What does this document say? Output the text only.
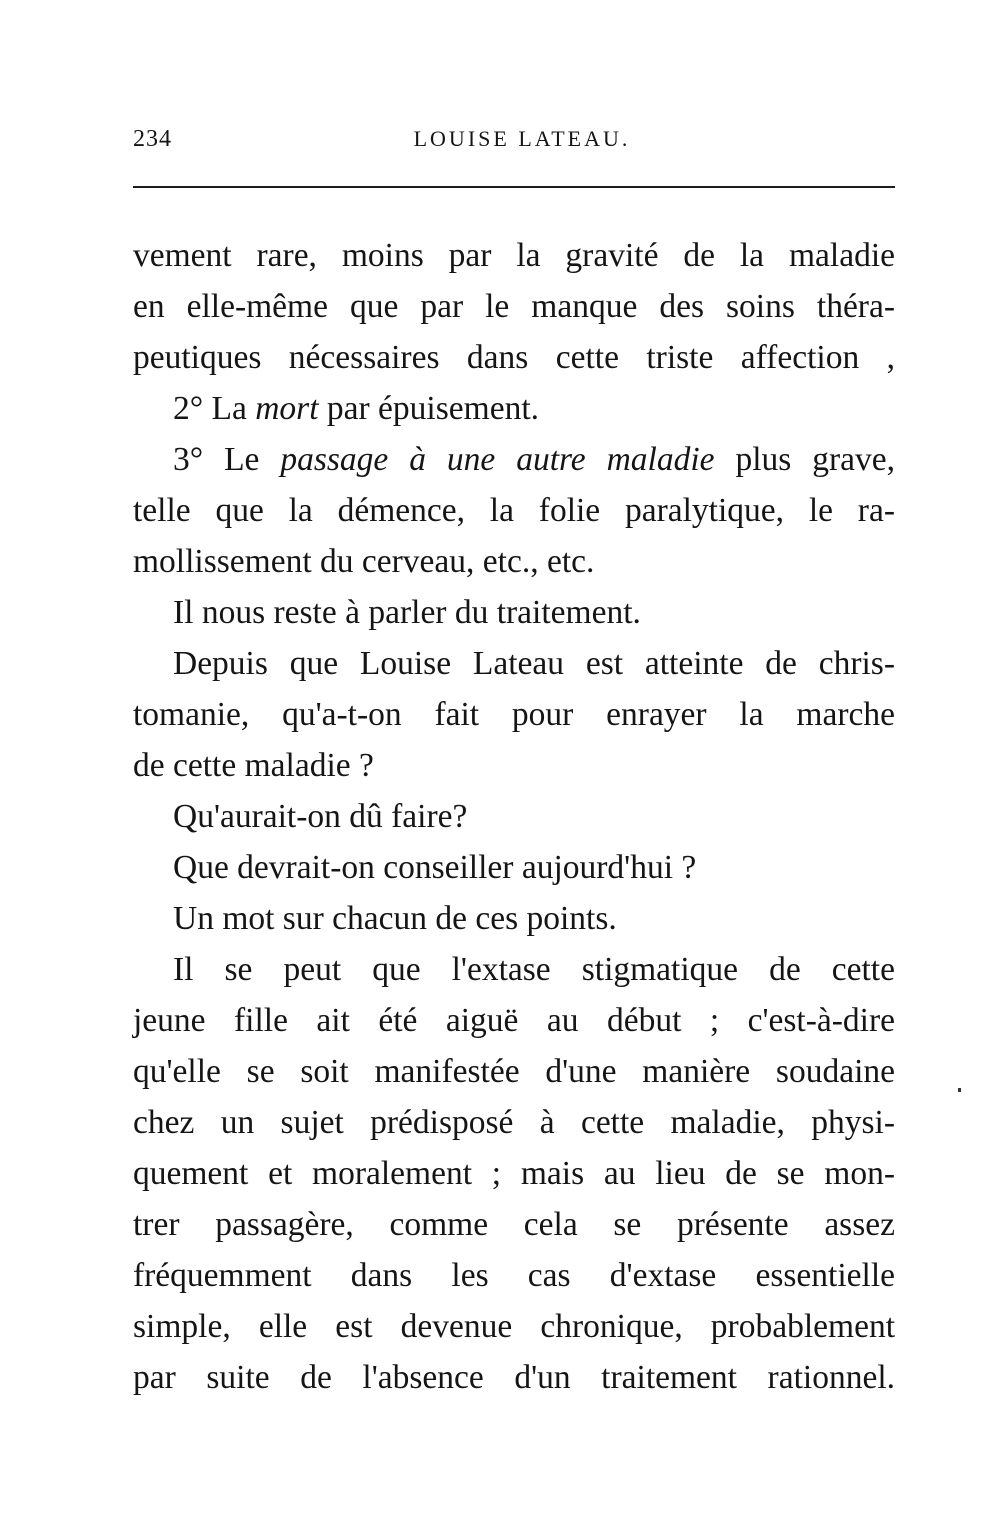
234	LOUISE LATEAU.
vement rare, moins par la gravité de la maladie
en elle-même que par le manque des soins théra-
peutiques nécessaires dans cette triste affection ,
2° La mort par épuisement.
3° Le passage à une autre maladie plus grave,
telle que la démence, la folie paralytique, le ra-
mollissement du cerveau, etc., etc.
Il nous reste à parler du traitement.
Depuis que Louise Lateau est atteinte de chris-
tomanie, qu'a-t-on fait pour enrayer la marche
de cette maladie ?
Qu'aurait-on dû faire?
Que devrait-on conseiller aujourd'hui ?
Un mot sur chacun de ces points.
Il se peut que l'extase stigmatique de cette
jeune fille ait été aiguë au début ; c'est-à-dire
qu'elle se soit manifestée d'une manière soudaine
chez un sujet prédisposé à cette maladie, physi-
quement et moralement ; mais au lieu de se mon-
trer passagère, comme cela se présente assez
fréquemment dans les cas d'extase essentielle
simple, elle est devenue chronique, probablement
par suite de l'absence d'un traitement rationnel.
